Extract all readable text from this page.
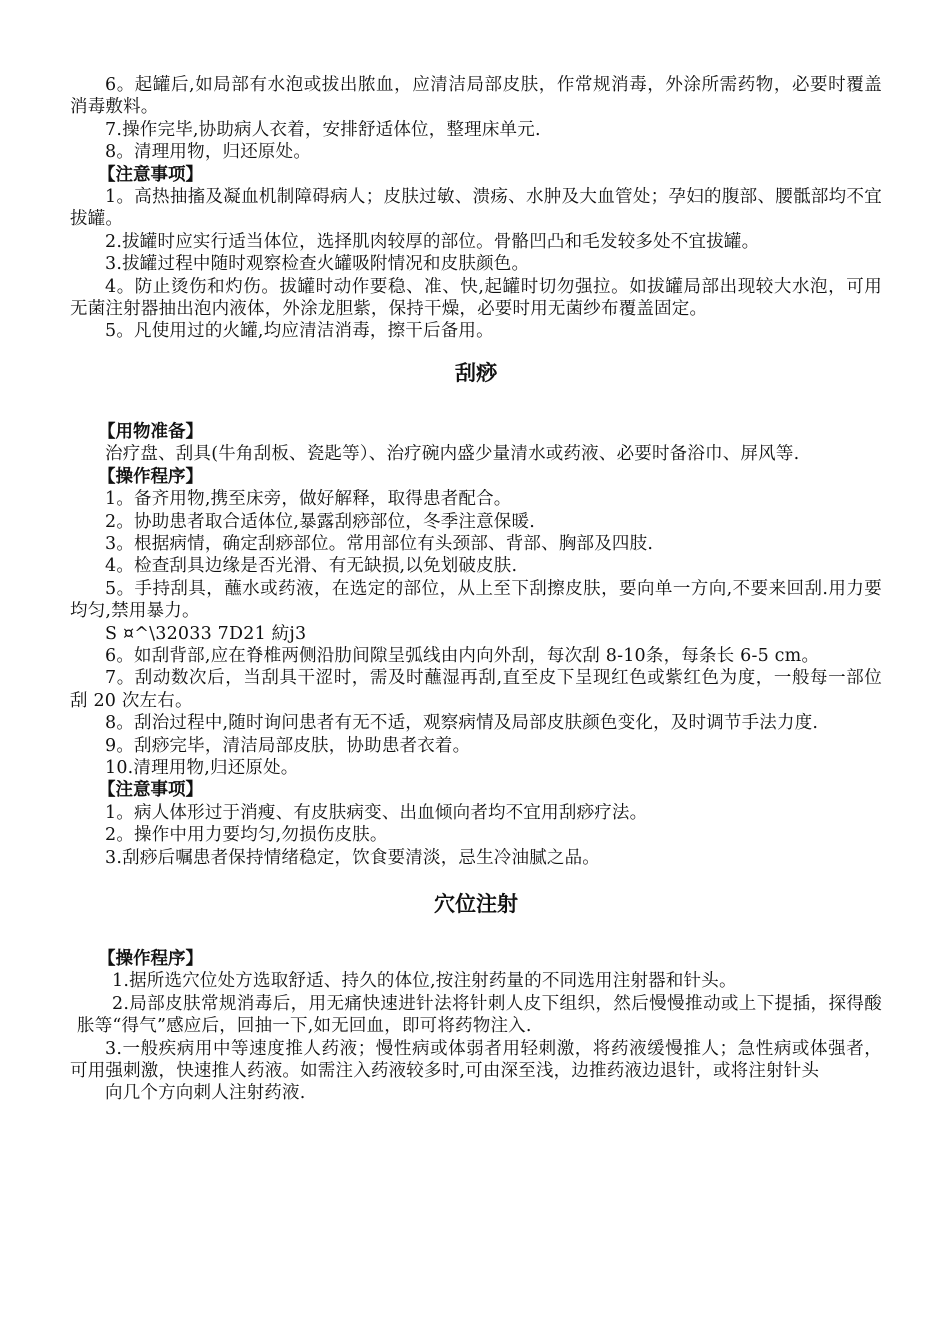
6。起罐后,如局部有水泡或拔出脓血，应清洁局部皮肤，作常规消毒，外涂所需药物，必要时覆盖消毒敷料。

7.操作完毕,协助病人衣着，安排舒适体位，整理床单元.

8。清理用物，归还原处。

【注意事项】

1。高热抽搐及凝血机制障碍病人；皮肤过敏、溃疡、水肿及大血管处；孕妇的腹部、腰骶部均不宜拔罐。

2.拔罐时应实行适当体位，选择肌肉较厚的部位。骨骼凹凸和毛发较多处不宜拔罐。

3.拔罐过程中随时观察检查火罐吸附情况和皮肤颜色。

4。防止烫伤和灼伤。拔罐时动作要稳、准、快,起罐时切勿强拉。如拔罐局部出现较大水泡，可用无菌注射器抽出泡内液体，外涂龙胆紫，保持干燥，必要时用无菌纱布覆盖固定。

5。凡使用过的火罐,均应清洁消毒，擦干后备用。

刮痧

【用物准备】

治疗盘、刮具(牛角刮板、瓷匙等）、治疗碗内盛少量清水或药液、必要时备浴巾、屏风等.

【操作程序】

1。备齐用物,携至床旁，做好解释，取得患者配合。

2。协助患者取合适体位,暴露刮痧部位，冬季注意保暖.

3。根据病情，确定刮痧部位。常用部位有头颈部、背部、胸部及四肢.

4。检查刮具边缘是否光滑、有无缺损,以免划破皮肤.

5。手持刮具，蘸水或药液，在选定的部位，从上至下刮擦皮肤，要向单一方向,不要来回刮.用力要均匀,禁用暴力。

S ¤^\32033 7D21 紡j3

6。如刮背部,应在脊椎两侧沿肋间隙呈弧线由内向外刮，每次刮 8-10条，每条长 6-5 cm。

7。刮动数次后，当刮具干涩时，需及时蘸湿再刮,直至皮下呈现红色或紫红色为度，一般每一部位刮 20 次左右。

8。刮治过程中,随时询问患者有无不适，观察病情及局部皮肤颜色变化，及时调节手法力度.

9。刮痧完毕，清洁局部皮肤，协助患者衣着。

10.清理用物,归还原处。

【注意事项】

1。病人体形过于消瘦、有皮肤病变、出血倾向者均不宜用刮痧疗法。

2。操作中用力要均匀,勿损伤皮肤。

3.刮痧后嘱患者保持情绪稳定，饮食要清淡，忌生冷油腻之品。

穴位注射

【操作程序】

1.据所选穴位处方选取舒适、持久的体位,按注射药量的不同选用注射器和针头。

2.局部皮肤常规消毒后，用无痛快速进针法将针刺人皮下组织，然后慢慢推动或上下提插，探得酸胀等“得气”感应后，回抽一下,如无回血，即可将药物注入.

3.一般疾病用中等速度推人药液；慢性病或体弱者用轻刺激，将药液缓慢推人；急性病或体强者，可用强刺激，快速推人药液。如需注入药液较多时,可由深至浅，边推药液边退针，或将注射针头

向几个方向刺人注射药液.
